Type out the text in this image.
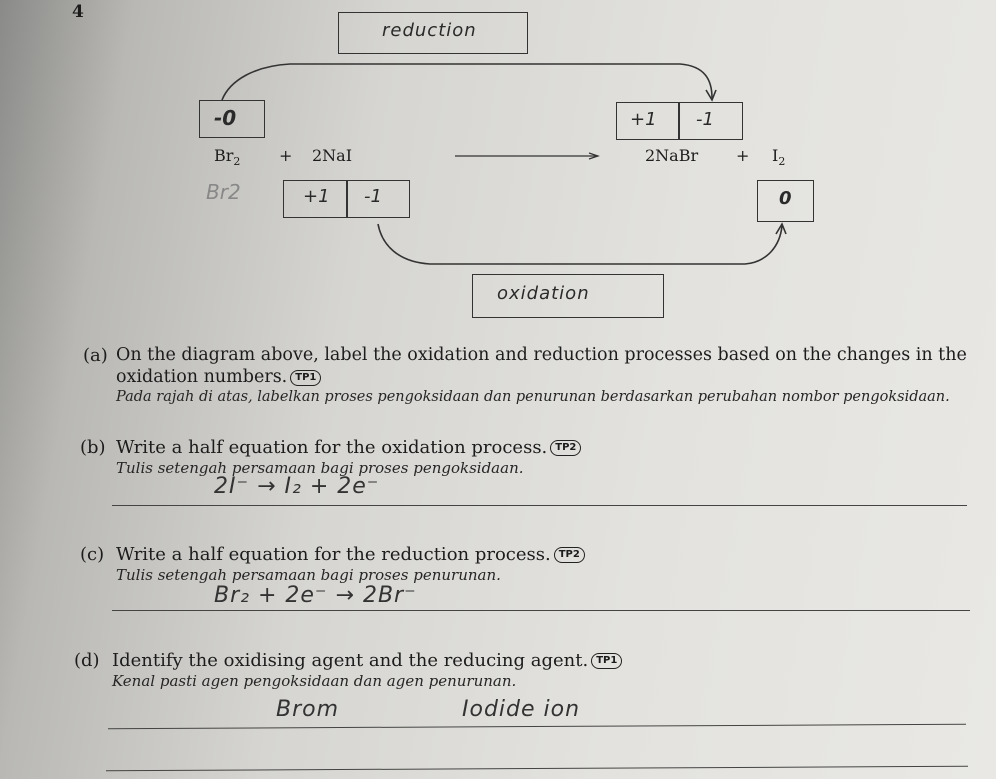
4
reduction
-0	+1 -1
$Br_2 + 2NaI$	2NaBr + $I_2$
Br2	+1 -1	0
oxidation
(a) On the diagram above, label the oxidation and reduction processes based on the changes in the
oxidation numbers. TP1
Pada rajah di atas, labelkan proses pengoksidaan dan penurunan berdasarkan perubahan nombor pengoksidaan.
(b) Write a half equation for the oxidation process. TP2
Tulis setengah persamaan bagi proses pengoksidaan.
2I⁻ → I₂ + 2e⁻
(c) Write a half equation for the reduction process. TP2
Tulis setengah persamaan bagi proses penurunan.
Br₂ + 2e⁻ → 2Br⁻
(d) Identify the oxidising agent and the reducing agent. TP1
Kenal pasti agen pengoksidaan dan agen penurunan.
Brom	Iodide ion
